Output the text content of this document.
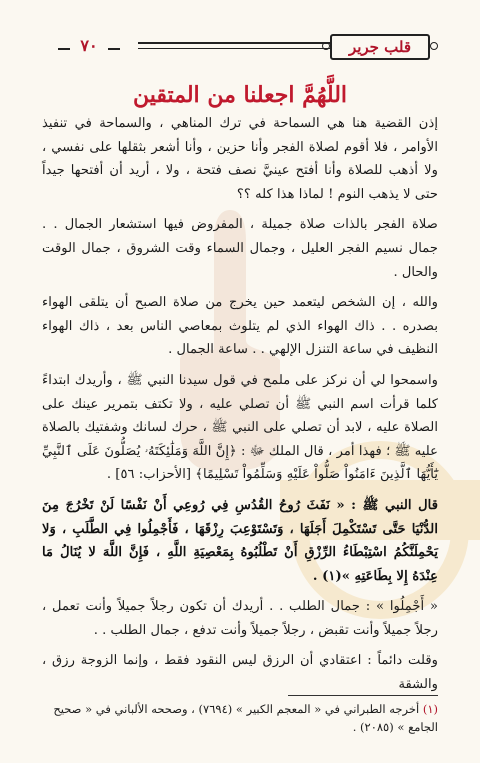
٧٠	قلب جرير
اللَّهُمَّ اجعلنا من المتقين

إذن القضية هنا هي السماحة في ترك المناهي ، والسماحة في تنفيذ الأوامر ، فلا أقوم لصلاة الفجر وأنا حزين ، وأنا أشعر بثقلها على نفسي ، ولا أذهب للصلاة وأنا أفتح عينيَّ نصف فتحة ، ولا ، أريد أن أفتحها جيداً حتى لا يذهب النوم ! لماذا هذا كله ؟؟

صلاة الفجر بالذات صلاة جميلة ، المفروض فيها استشعار الجمال . . جمال نسيم الفجر العليل ، وجمال السماء وقت الشروق ، جمال الوقت والحال .

والله ، إن الشخص ليتعمد حين يخرج من صلاة الصبح أن يتلقى الهواء بصدره . . ذاك الهواء الذي لم يتلوث بمعاصي الناس بعد ، ذاك الهواء النظيف في ساعة التنزل الإلهي . . ساعة الجمال .

واسمحوا لي أن نركز على ملمح في قول سيدنا النبي ﷺ ، وأريدك ابتداءً كلما قرأت اسم النبي ﷺ أن تصلي عليه ، ولا تكتف بتمرير عينك على الصلاة عليه ، لابد أن تصلي على النبي ﷺ ، حرك لسانك وشفتيك بالصلاة عليه ﷺ ؛ فهذا أمر ، قال الملك ﷻ : ﴿إِنَّ اللَّهَ وَمَلَٰئِكَتَهُۥ يُصَلُّونَ عَلَى ٱلنَّبِيِّ يَٰٓأَيُّهَا ٱلَّذِينَ ءَامَنُواْ صَلُّواْ عَلَيْهِ وَسَلِّمُواْ تَسْلِيمًا﴾ [الأحزاب: ٥٦] .

قال النبي ﷺ : « نَفَثَ رُوحُ القُدُسِ فِي رُوعِي أَنْ نَفْسًا لَنْ تَخْرُجَ مِنَ الدُّنْيَا حَتَّى تَسْتَكْمِلَ أَجَلَهَا ، وَتَسْتَوْعِبَ رِزْقَهَا ، فَأَجْمِلُوا فِي الطَّلَبِ ، وَلا يَحْمِلَنَّكُمُ اسْتِبْطَاءُ الرِّزْقِ أَنْ تَطْلُبُوهُ بِمَعْصِيَةِ اللَّهِ ، فَإِنَّ اللَّهَ لا يُنَالُ مَا عِنْدَهُ إِلا بِطَاعَتِهِ »(١) .

« أَجْمِلُوا » : جمال الطلب . . أريدك أن تكون رجلاً جميلاً وأنت تعمل ، رجلاً جميلاً وأنت تقبض ، رجلاً جميلاً وأنت تدفع ، جمال الطلب . .

وقلت دائماً : اعتقادي أن الرزق ليس النقود فقط ، وإنما الزوجة رزق ، والشقة

(١) أخرجه الطبراني في « المعجم الكبير » (٧٦٩٤) ، وصححه الألباني في « صحيح الجامع » (٢٠٨٥) .
